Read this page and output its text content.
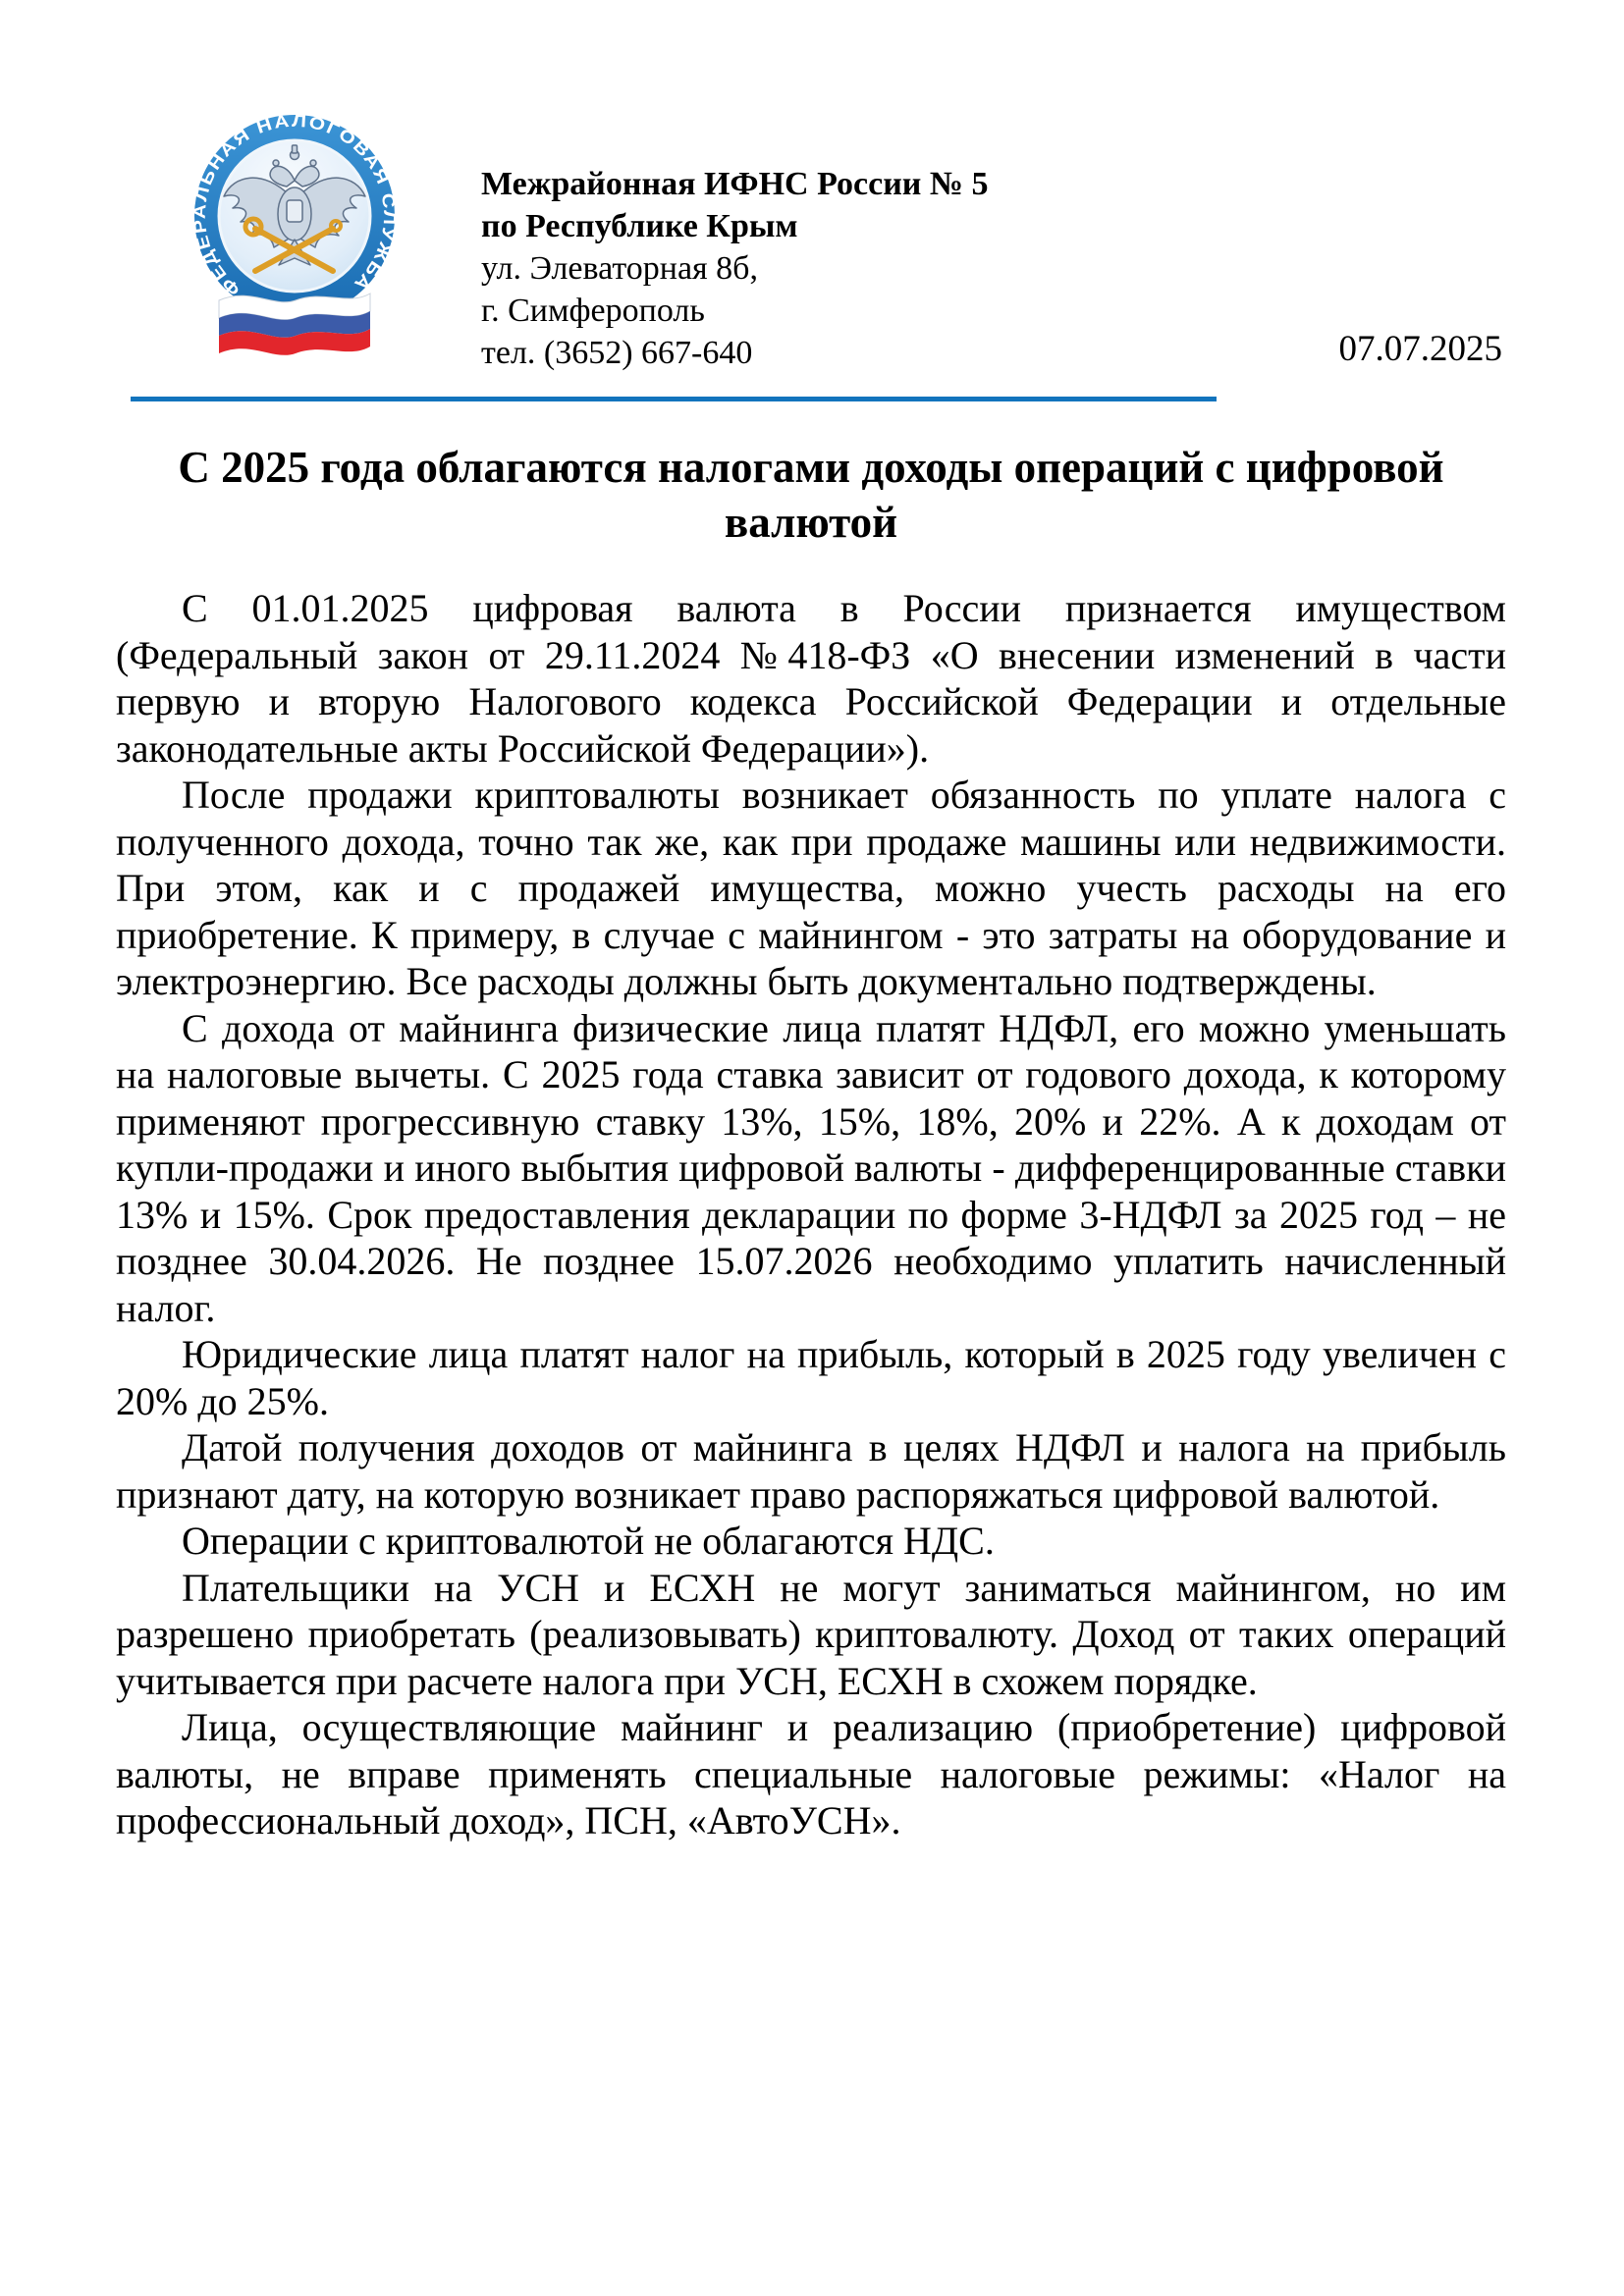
ФЕДЕРАЛЬНАЯ НАЛОГОВАЯ СЛУЖБА
Межрайонная ИФНС России № 5
по Республике Крым
ул. Элеваторная 8б,
г. Симферополь
тел. (3652) 667-640	07.07.2025
С 2025 года облагаются налогами доходы операций с цифровой валютой

С 01.01.2025 цифровая валюта в России признается имуществом (Федеральный закон от 29.11.2024 №418-ФЗ «О внесении изменений в части первую и вторую Налогового кодекса Российской Федерации и отдельные законодательные акты Российской Федерации»).

После продажи криптовалюты возникает обязанность по уплате налога с полученного дохода, точно так же, как при продаже машины или недвижимости. При этом, как и с продажей имущества, можно учесть расходы на его приобретение. К примеру, в случае с майнингом - это затраты на оборудование и электроэнергию. Все расходы должны быть документально подтверждены.

С дохода от майнинга физические лица платят НДФЛ, его можно уменьшать на налоговые вычеты. С 2025 года ставка зависит от годового дохода, к которому применяют прогрессивную ставку 13%, 15%, 18%, 20% и 22%. А к доходам от купли-продажи и иного выбытия цифровой валюты - дифференцированные ставки 13% и 15%. Срок предоставления декларации по форме 3-НДФЛ за 2025 год – не позднее 30.04.2026. Не позднее 15.07.2026 необходимо уплатить начисленный налог.

Юридические лица платят налог на прибыль, который в 2025 году увеличен с 20% до 25%.

Датой получения доходов от майнинга в целях НДФЛ и налога на прибыль признают дату, на которую возникает право распоряжаться цифровой валютой.

Операции с криптовалютой не облагаются НДС.

Плательщики на УСН и ЕСХН не могут заниматься майнингом, но им разрешено приобретать (реализовывать) криптовалюту. Доход от таких операций учитывается при расчете налога при УСН, ЕСХН в схожем порядке.

Лица, осуществляющие майнинг и реализацию (приобретение) цифровой валюты, не вправе применять специальные налоговые режимы: «Налог на профессиональный доход», ПСН, «АвтоУСН».
